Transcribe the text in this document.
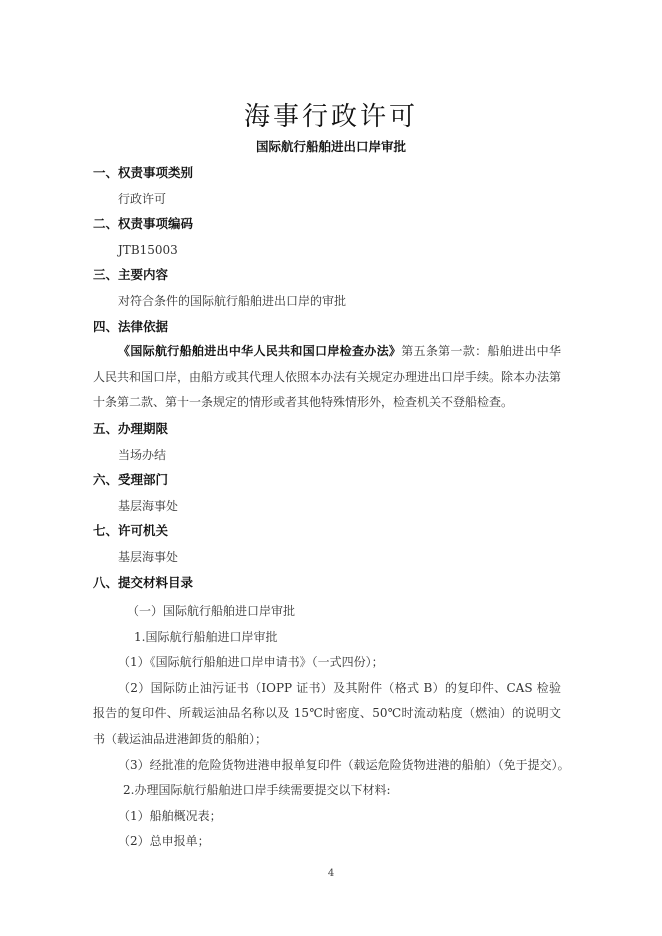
海事行政许可
国际航行船舶进出口岸审批
一、权责事项类别
行政许可
二、权责事项编码
JTB15003
三、主要内容
对符合条件的国际航行船舶进出口岸的审批
四、法律依据
《国际航行船舶进出中华人民共和国口岸检查办法》第五条第一款：船舶进出中华人民共和国口岸，由船方或其代理人依照本办法有关规定办理进出口岸手续。除本办法第十条第二款、第十一条规定的情形或者其他特殊情形外，检查机关不登船检查。
五、办理期限
当场办结
六、受理部门
基层海事处
七、许可机关
基层海事处
八、提交材料目录
（一）国际航行船舶进口岸审批
1.国际航行船舶进口岸审批
（1）《国际航行船舶进口岸申请书》（一式四份）；
（2）国际防止油污证书（IOPP 证书）及其附件（格式 B）的复印件、CAS 检验报告的复印件、所载运油品名称以及 15℃时密度、50℃时流动粘度（燃油）的说明文书（载运油品进港卸货的船舶）；
（3）经批准的危险货物进港申报单复印件（载运危险货物进港的船舶）（免于提交）。
2.办理国际航行船舶进口岸手续需要提交以下材料:
（1）船舶概况表；
（2）总申报单；
4
